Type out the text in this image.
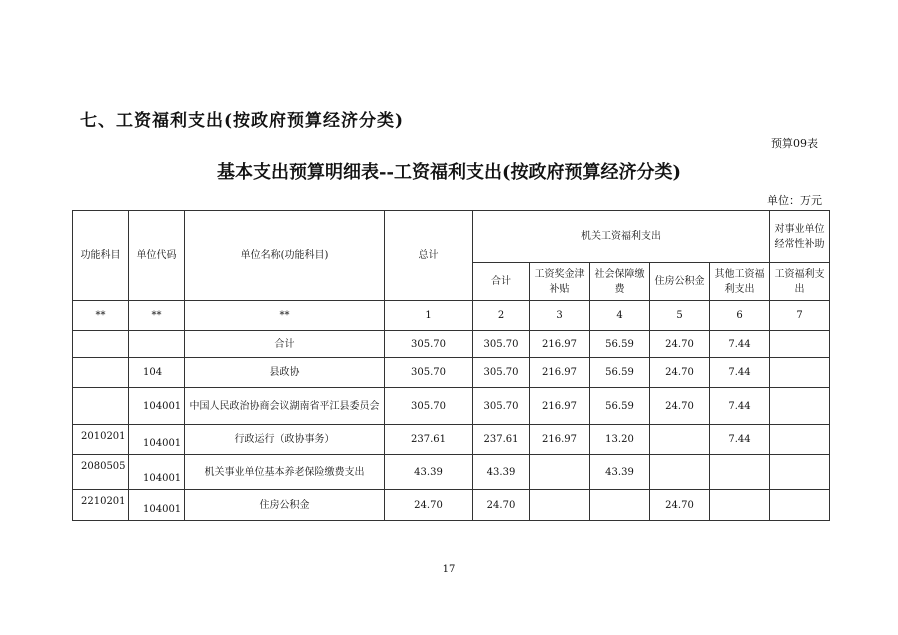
七、工资福利支出(按政府预算经济分类)
预算09表
基本支出预算明细表--工资福利支出(按政府预算经济分类)
单位：万元
功能科目	单位代码	单位名称(功能科目)	总计	机关工资福利支出					对事业单位经常性补助
				合计	工资奖金津补贴	社会保障缴费	住房公积金	其他工资福利支出	工资福利支出
**	**	**	1	2	3	4	5	6	7
		合计	305.70	305.70	216.97	56.59	24.70	7.44	
	104	县政协	305.70	305.70	216.97	56.59	24.70	7.44	
	104001	中国人民政治协商会议湖南省平江县委员会	305.70	305.70	216.97	56.59	24.70	7.44	
2010201	104001	行政运行（政协事务）	237.61	237.61	216.97	13.20		7.44	
2080505	104001	机关事业单位基本养老保险缴费支出	43.39	43.39		43.39			
2210201	104001	住房公积金	24.70	24.70			24.70		
17
